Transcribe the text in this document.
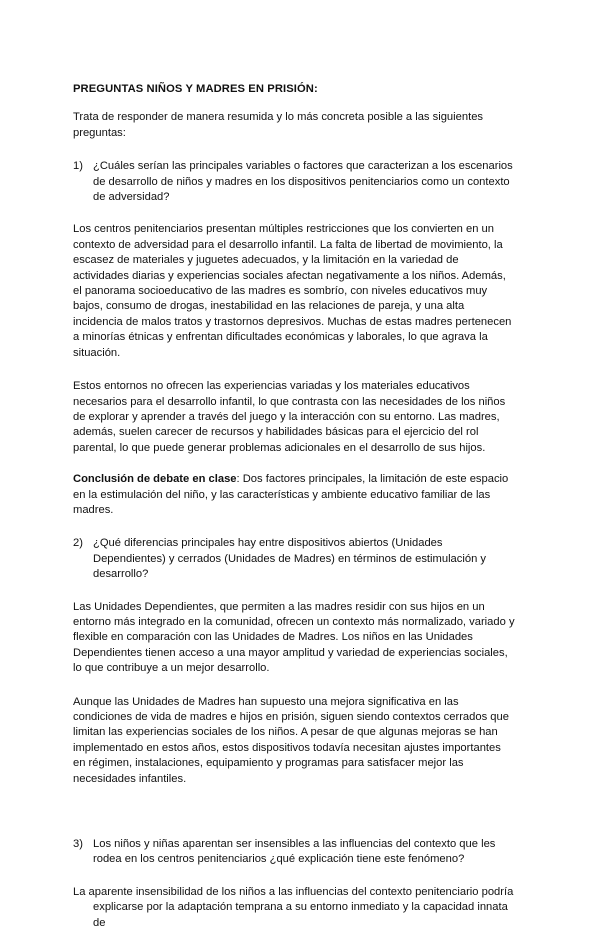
PREGUNTAS NIÑOS Y MADRES EN PRISIÓN:

Trata de responder de manera resumida y lo más concreta posible a las siguientes preguntas:

1) ¿Cuáles serían las principales variables o factores que caracterizan a los escenarios de desarrollo de niños y madres en los dispositivos penitenciarios como un contexto de adversidad?

Los centros penitenciarios presentan múltiples restricciones que los convierten en un contexto de adversidad para el desarrollo infantil. La falta de libertad de movimiento, la escasez de materiales y juguetes adecuados, y la limitación en la variedad de actividades diarias y experiencias sociales afectan negativamente a los niños. Además, el panorama socioeducativo de las madres es sombrío, con niveles educativos muy bajos, consumo de drogas, inestabilidad en las relaciones de pareja, y una alta incidencia de malos tratos y trastornos depresivos. Muchas de estas madres pertenecen a minorías étnicas y enfrentan dificultades económicas y laborales, lo que agrava la situación.

Estos entornos no ofrecen las experiencias variadas y los materiales educativos necesarios para el desarrollo infantil, lo que contrasta con las necesidades de los niños de explorar y aprender a través del juego y la interacción con su entorno. Las madres, además, suelen carecer de recursos y habilidades básicas para el ejercicio del rol parental, lo que puede generar problemas adicionales en el desarrollo de sus hijos.

Conclusión de debate en clase: Dos factores principales, la limitación de este espacio en la estimulación del niño, y las características y ambiente educativo familiar de las madres.

2) ¿Qué diferencias principales hay entre dispositivos abiertos (Unidades Dependientes) y cerrados (Unidades de Madres) en términos de estimulación y desarrollo?

Las Unidades Dependientes, que permiten a las madres residir con sus hijos en un entorno más integrado en la comunidad, ofrecen un contexto más normalizado, variado y flexible en comparación con las Unidades de Madres. Los niños en las Unidades Dependientes tienen acceso a una mayor amplitud y variedad de experiencias sociales, lo que contribuye a un mejor desarrollo.

Aunque las Unidades de Madres han supuesto una mejora significativa en las condiciones de vida de madres e hijos en prisión, siguen siendo contextos cerrados que limitan las experiencias sociales de los niños. A pesar de que algunas mejoras se han implementado en estos años, estos dispositivos todavía necesitan ajustes importantes en régimen, instalaciones, equipamiento y programas para satisfacer mejor las necesidades infantiles.

3) Los niños y niñas aparentan ser insensibles a las influencias del contexto que les rodea en los centros penitenciarios ¿qué explicación tiene este fenómeno?

La aparente insensibilidad de los niños a las influencias del contexto penitenciario podría explicarse por la adaptación temprana a su entorno inmediato y la capacidad innata de
